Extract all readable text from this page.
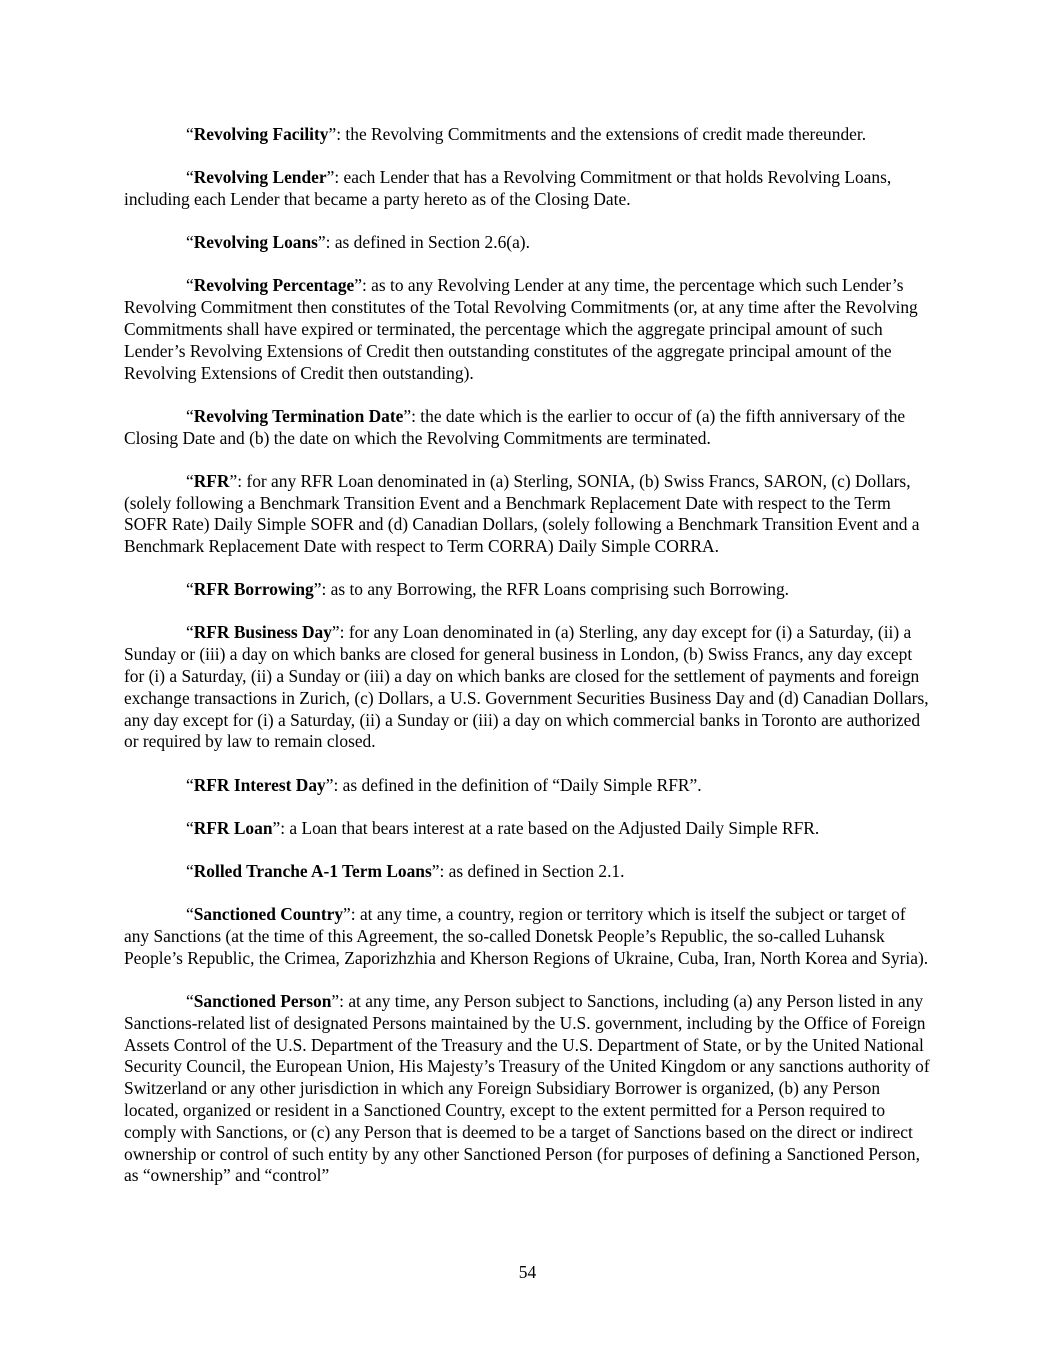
“Revolving Facility”: the Revolving Commitments and the extensions of credit made thereunder.

“Revolving Lender”: each Lender that has a Revolving Commitment or that holds Revolving Loans, including each Lender that became a party hereto as of the Closing Date.

“Revolving Loans”: as defined in Section 2.6(a).

“Revolving Percentage”: as to any Revolving Lender at any time, the percentage which such Lender’s Revolving Commitment then constitutes of the Total Revolving Commitments (or, at any time after the Revolving Commitments shall have expired or terminated, the percentage which the aggregate principal amount of such Lender’s Revolving Extensions of Credit then outstanding constitutes of the aggregate principal amount of the Revolving Extensions of Credit then outstanding).

“Revolving Termination Date”: the date which is the earlier to occur of (a) the fifth anniversary of the Closing Date and (b) the date on which the Revolving Commitments are terminated.

“RFR”: for any RFR Loan denominated in (a) Sterling, SONIA, (b) Swiss Francs, SARON, (c) Dollars, (solely following a Benchmark Transition Event and a Benchmark Replacement Date with respect to the Term SOFR Rate) Daily Simple SOFR and (d) Canadian Dollars, (solely following a Benchmark Transition Event and a Benchmark Replacement Date with respect to Term CORRA) Daily Simple CORRA.

“RFR Borrowing”: as to any Borrowing, the RFR Loans comprising such Borrowing.

“RFR Business Day”: for any Loan denominated in (a) Sterling, any day except for (i) a Saturday, (ii) a Sunday or (iii) a day on which banks are closed for general business in London, (b) Swiss Francs, any day except for (i) a Saturday, (ii) a Sunday or (iii) a day on which banks are closed for the settlement of payments and foreign exchange transactions in Zurich, (c) Dollars, a U.S. Government Securities Business Day and (d) Canadian Dollars, any day except for (i) a Saturday, (ii) a Sunday or (iii) a day on which commercial banks in Toronto are authorized or required by law to remain closed.

“RFR Interest Day”: as defined in the definition of “Daily Simple RFR”.

“RFR Loan”: a Loan that bears interest at a rate based on the Adjusted Daily Simple RFR.

“Rolled Tranche A-1 Term Loans”: as defined in Section 2.1.

“Sanctioned Country”: at any time, a country, region or territory which is itself the subject or target of any Sanctions (at the time of this Agreement, the so-called Donetsk People’s Republic, the so-called Luhansk People’s Republic, the Crimea, Zaporizhzhia and Kherson Regions of Ukraine, Cuba, Iran, North Korea and Syria).

“Sanctioned Person”: at any time, any Person subject to Sanctions, including (a) any Person listed in any Sanctions-related list of designated Persons maintained by the U.S. government, including by the Office of Foreign Assets Control of the U.S. Department of the Treasury and the U.S. Department of State, or by the United National Security Council, the European Union, His Majesty’s Treasury of the United Kingdom or any sanctions authority of Switzerland or any other jurisdiction in which any Foreign Subsidiary Borrower is organized, (b) any Person located, organized or resident in a Sanctioned Country, except to the extent permitted for a Person required to comply with Sanctions, or (c) any Person that is deemed to be a target of Sanctions based on the direct or indirect ownership or control of such entity by any other Sanctioned Person (for purposes of defining a Sanctioned Person, as “ownership” and “control”

54
